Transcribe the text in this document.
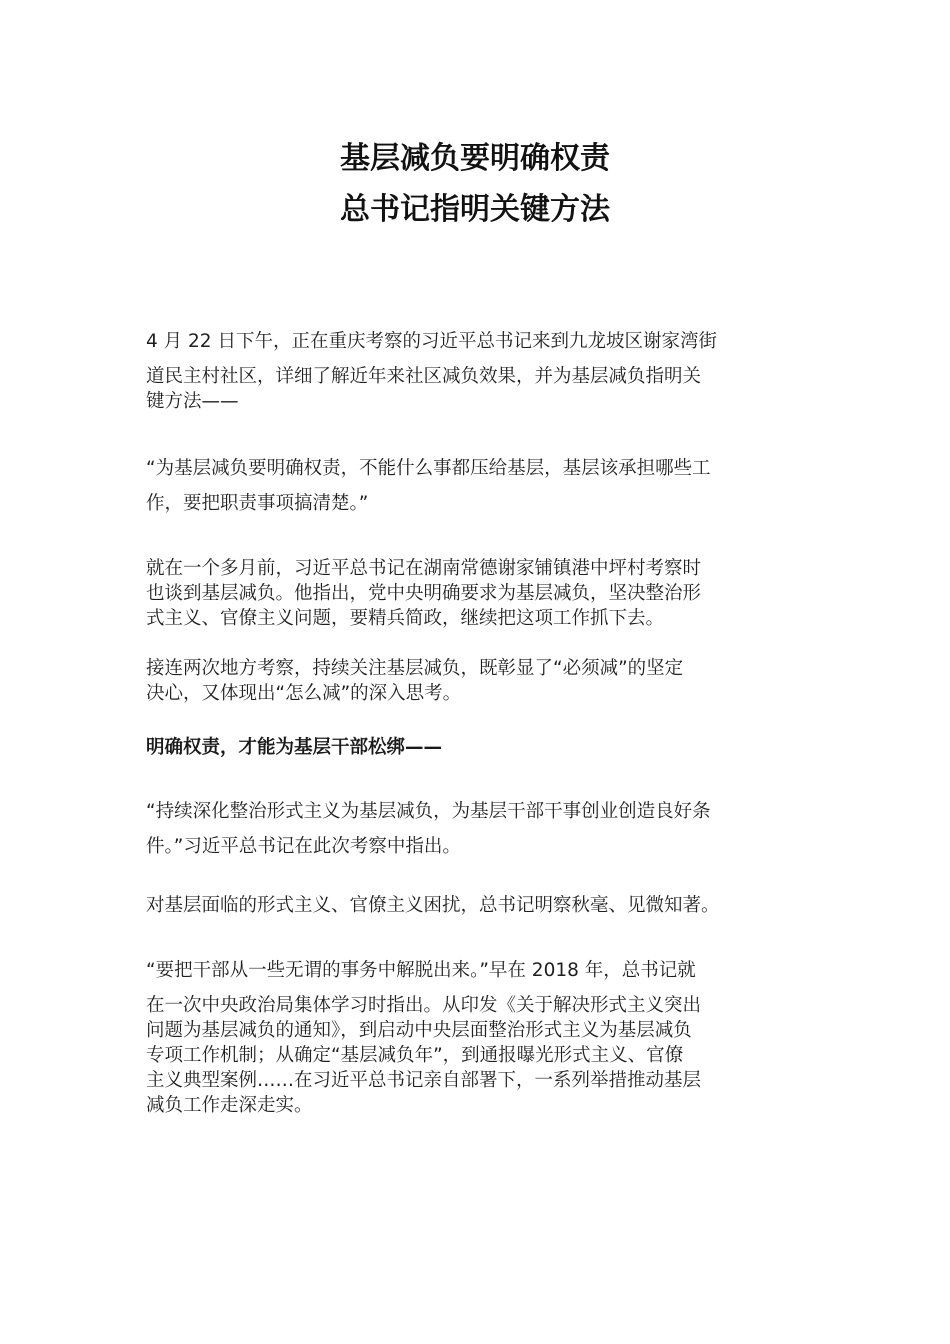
基层减负要明确权责
总书记指明关键方法
4 月 22 日下午，正在重庆考察的习近平总书记来到九龙坡区谢家湾街
道民主村社区，详细了解近年来社区减负效果，并为基层减负指明关
键方法——
“为基层减负要明确权责，不能什么事都压给基层，基层该承担哪些工
作，要把职责事项搞清楚。”
就在一个多月前，习近平总书记在湖南常德谢家铺镇港中坪村考察时
也谈到基层减负。他指出，党中央明确要求为基层减负，坚决整治形
式主义、官僚主义问题，要精兵简政，继续把这项工作抓下去。
接连两次地方考察，持续关注基层减负，既彰显了“必须减”的坚定
决心，又体现出“怎么减”的深入思考。
明确权责，才能为基层干部松绑——
“持续深化整治形式主义为基层减负，为基层干部干事创业创造良好条
件。”习近平总书记在此次考察中指出。
对基层面临的形式主义、官僚主义困扰，总书记明察秋毫、见微知著。
“要把干部从一些无谓的事务中解脱出来。”早在 2018 年，总书记就
在一次中央政治局集体学习时指出。从印发《关于解决形式主义突出
问题为基层减负的通知》，到启动中央层面整治形式主义为基层减负
专项工作机制；从确定“基层减负年”，到通报曝光形式主义、官僚
主义典型案例……在习近平总书记亲自部署下，一系列举措推动基层
减负工作走深走实。
